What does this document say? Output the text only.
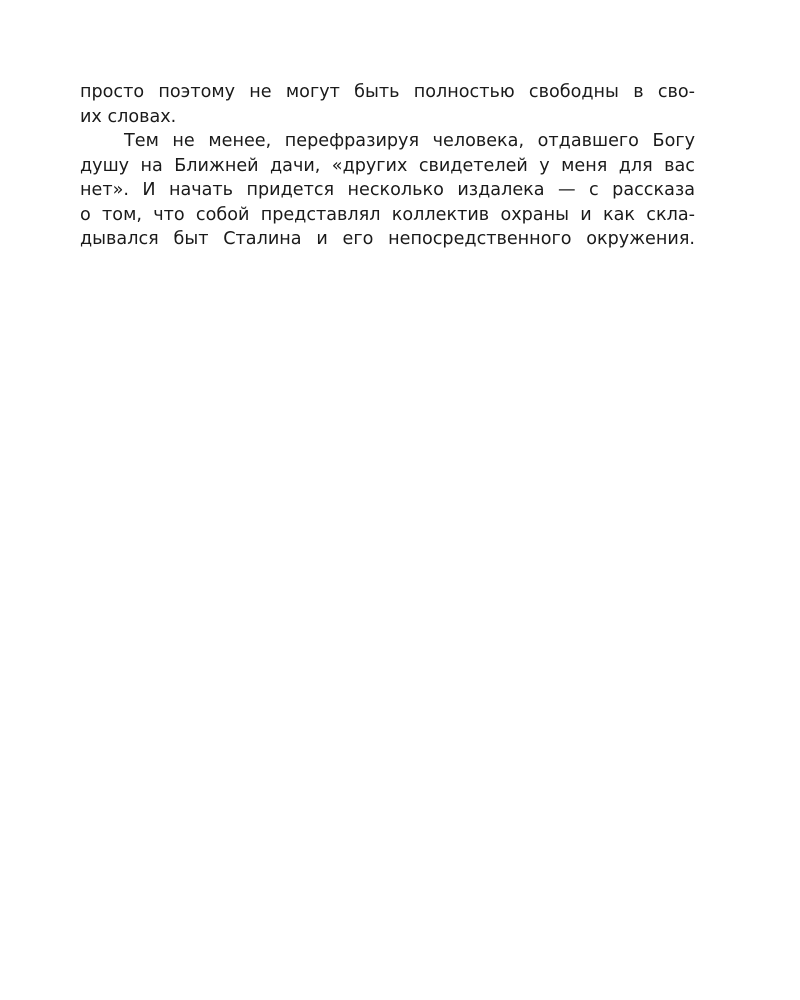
просто поэтому не могут быть полностью свободны в сво-
их словах.
Тем не менее, перефразируя человека, отдавшего Богу
душу на Ближней дачи, «других свидетелей у меня для вас
нет». И начать придется несколько издалека — с рассказа
о том, что собой представлял коллектив охраны и как скла-
дывался быт Сталина и его непосредственного окружения.
